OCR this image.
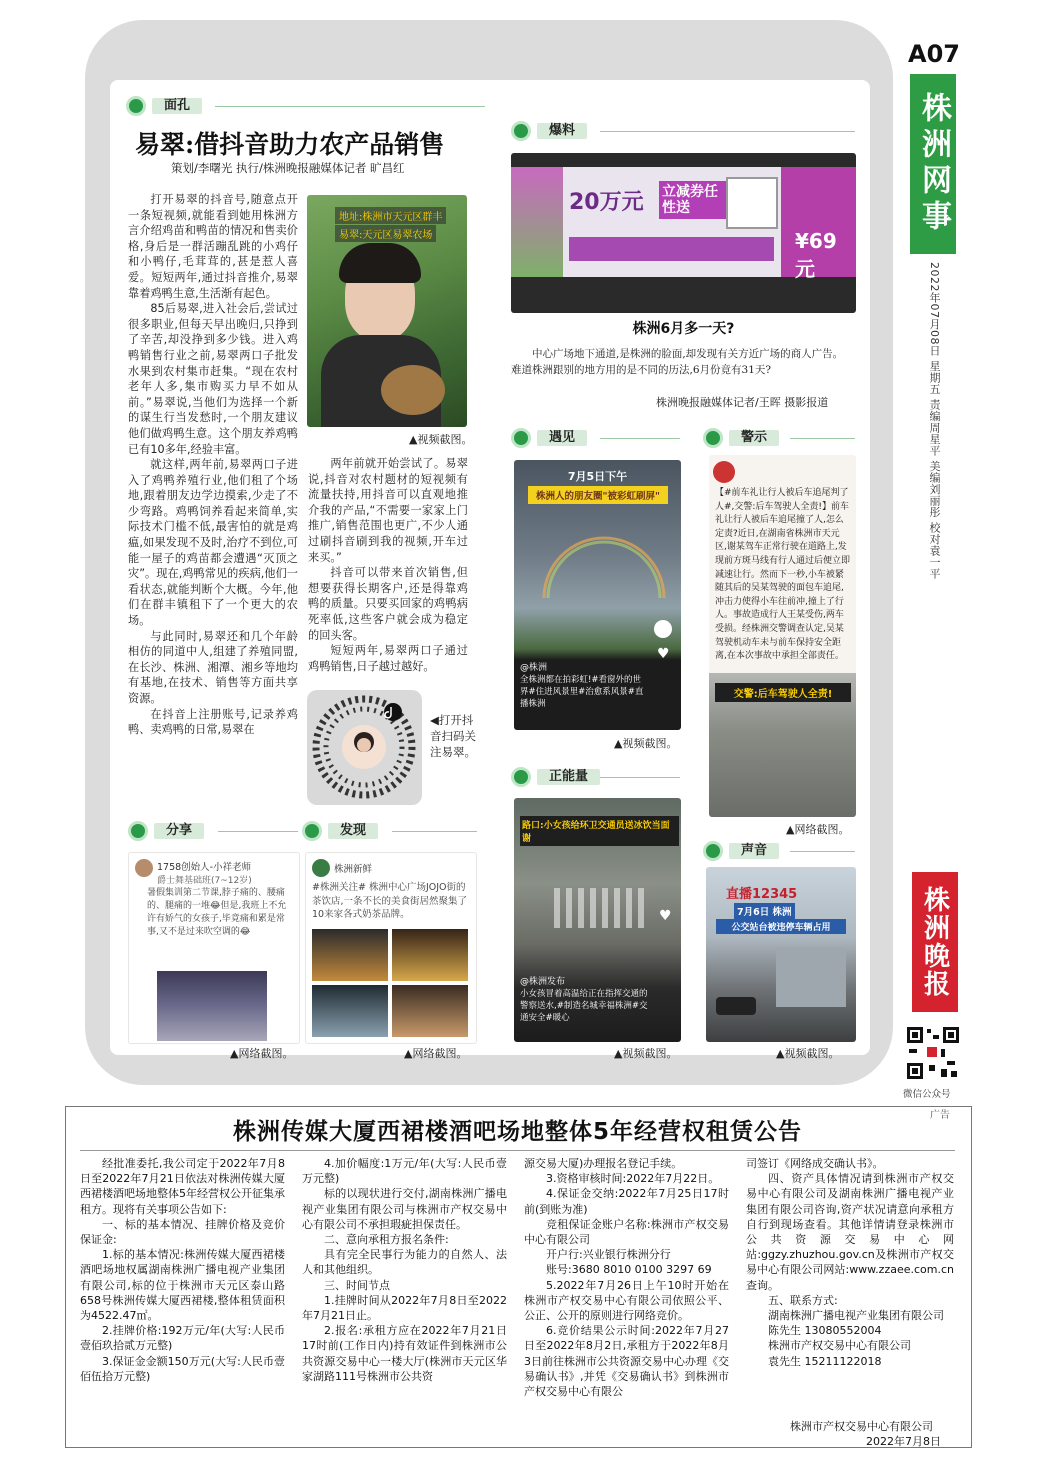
A07
株洲网事
2022年07月08日 星期五 责编周星平 美编刘丽彤 校对袁一平
株洲晚报
微信公众号
面孔
易翠:借抖音助力农产品销售
策划/李曙光 执行/株洲晚报融媒体记者 旷昌红

打开易翠的抖音号,随意点开一条短视频,就能看到她用株洲方言介绍鸡苗和鸭苗的情况和售卖价格,身后是一群活蹦乱跳的小鸡仔和小鸭仔,毛茸茸的,甚是惹人喜爱。短短两年,通过抖音推介,易翠靠着鸡鸭生意,生活渐有起色。

85后易翠,进入社会后,尝试过很多职业,但每天早出晚归,只挣到了辛苦,却没挣到多少钱。进入鸡鸭销售行业之前,易翠两口子批发水果到农村集市赶集。“现在农村老年人多,集市购买力早不如从前。”易翠说,当他们为选择一个新的谋生行当发愁时,一个朋友建议他们做鸡鸭生意。这个朋友养鸡鸭已有10多年,经验丰富。

就这样,两年前,易翠两口子进入了鸡鸭养殖行业,他们租了个场地,跟着朋友边学边摸索,少走了不少弯路。鸡鸭饲养看起来简单,实际技术门槛不低,最害怕的就是鸡瘟,如果发现不及时,治疗不到位,可能一屋子的鸡苗都会遭遇“灭顶之灾”。现在,鸡鸭常见的疾病,他们一看状态,就能判断个大概。今年,他们在群丰镇租下了一个更大的农场。

与此同时,易翠还和几个年龄相仿的同道中人,组建了养殖同盟,在长沙、株洲、湘潭、湘乡等地均有基地,在技术、销售等方面共享资源。

在抖音上注册账号,记录养鸡鸭、卖鸡鸭的日常,易翠在

地址:株洲市天元区群丰
易翠:天元区易翠农场
▲视频截图。

两年前就开始尝试了。易翠说,抖音对农村题材的短视频有流量扶持,用抖音可以直观地推介我的产品,“不需要一家家上门推广,销售范围也更广,不少人通过刷抖音刷到我的视频,开车过来买。”

抖音可以带来首次销售,但想要获得长期客户,还是得靠鸡鸭的质量。只要买回家的鸡鸭病死率低,这些客户就会成为稳定的回头客。

短短两年,易翠两口子通过鸡鸭销售,日子越过越好。

◀打开抖音扫码关注易翠。
爆料
20万元 立减券任性送
¥69元
株洲6月多一天?
中心广场地下通道,是株洲的脸面,却发现有关方近广场的商人广告。难道株洲跟别的地方用的是不同的历法,6月份竟有31天?
株洲晚报融媒体记者/王晖 摄影报道
遇见
7月5日下午
株洲人的朋友圈"被彩虹刷屏"
@株洲
全株洲都在拍彩虹!#看窗外的世界#住进风景里#治愈系风景#直播株洲
♥
▲视频截图。
警示
【#前车礼让行人被后车追尾判了人#,交警:后车驾驶人全责!】前车礼让行人被后车追尾撞了人,怎么定责?近日,在湖南省株洲市天元区,谢某驾车正常行驶在道路上,发现前方斑马线有行人通过后便立即减速让行。然而下一秒,小车被紧随其后的吴某驾驶的面包车追尾,冲击力使得小车往前冲,撞上了行人。事故造成行人王某受伤,两车受损。经株洲交警调查认定,吴某驾驶机动车未与前车保持安全距离,在本次事故中承担全部责任。
交警:后车驾驶人全责!
▲网络截图。
正能量
路口:小女孩给环卫交通员送冰饮当面谢
@株洲发布
小女孩冒着高温给正在指挥交通的警察送水,#制造名城幸福株洲#交通安全#暖心
♥
▲视频截图。
声音
直播12345
7月6日 株洲
公交站台被违停车辆占用
▲视频截图。
分享
1758创始人-小祥老师
爵士舞基础班(7~12岁)
暑假集训第二节课,脖子痛的、腰痛的、腿痛的一堆😂但是,我班上不允许有娇气的女孩子,毕竟痛和累是常事,又不是过来吹空调的😂
▲网络截图。
发现
株洲新鲜
#株洲关注# 株洲中心广场JOJO街的茶饮店,一条不长的美食街居然聚集了10来家各式奶茶品牌。
▲网络截图。
广告
株洲传媒大厦西裙楼酒吧场地整体5年经营权租赁公告

经批准委托,我公司定于2022年7月8日至2022年7月21日依法对株洲传媒大厦西裙楼酒吧场地整体5年经营权公开征集承租方。现将有关事项公告如下:

一、标的基本情况、挂牌价格及竞价保证金:

1.标的基本情况:株洲传媒大厦西裙楼酒吧场地权属湖南株洲广播电视产业集团有限公司,标的位于株洲市天元区泰山路658号株洲传媒大厦西裙楼,整体租赁面积为4522.47㎡。

2.挂牌价格:192万元/年(大写:人民币壹佰玖拾贰万元整)

3.保证金金额150万元(大写:人民币壹佰伍拾万元整)

4.加价幅度:1万元/年(大写:人民币壹万元整)

标的以现状进行交付,湖南株洲广播电视产业集团有限公司与株洲市产权交易中心有限公司不承担瑕疵担保责任。

二、意向承租方报名条件:

具有完全民事行为能力的自然人、法人和其他组织。

三、时间节点

1.挂牌时间从2022年7月8日至2022年7月21日止。

2.报名:承租方应在2022年7月21日17时前(工作日内)持有效证件到株洲市公共资源交易中心一楼大厅(株洲市天元区华家湖路111号株洲市公共资

源交易大厦)办理报名登记手续。

3.资格审核时间:2022年7月22日。

4.保证金交纳:2022年7月25日17时前(到账为准)

竞租保证金账户名称:株洲市产权交易中心有限公司

开户行:兴业银行株洲分行

账号:3680 8010 0100 3297 69

5.2022年7月26日上午10时开始在株洲市产权交易中心有限公司依照公平、公正、公开的原则进行网络竞价。

6.竞价结果公示时间:2022年7月27日至2022年8月2日,承租方于2022年8月3日前往株洲市公共资源交易中心办理《交易确认书》,并凭《交易确认书》到株洲市产权交易中心有限公

司签订《网络成交确认书》。

四、资产具体情况请到株洲市产权交易中心有限公司及湖南株洲广播电视产业集团有限公司咨询,资产状况请意向承租方自行到现场查看。其他详情请登录株洲市公共资源交易中心网站:ggzy.zhuzhou.gov.cn及株洲市产权交易中心有限公司网站:www.zzaee.com.cn查询。

五、联系方式:

湖南株洲广播电视产业集团有限公司

陈先生 13080552004

株洲市产权交易中心有限公司

袁先生 15211122018

株洲市产权交易中心有限公司
2022年7月8日
